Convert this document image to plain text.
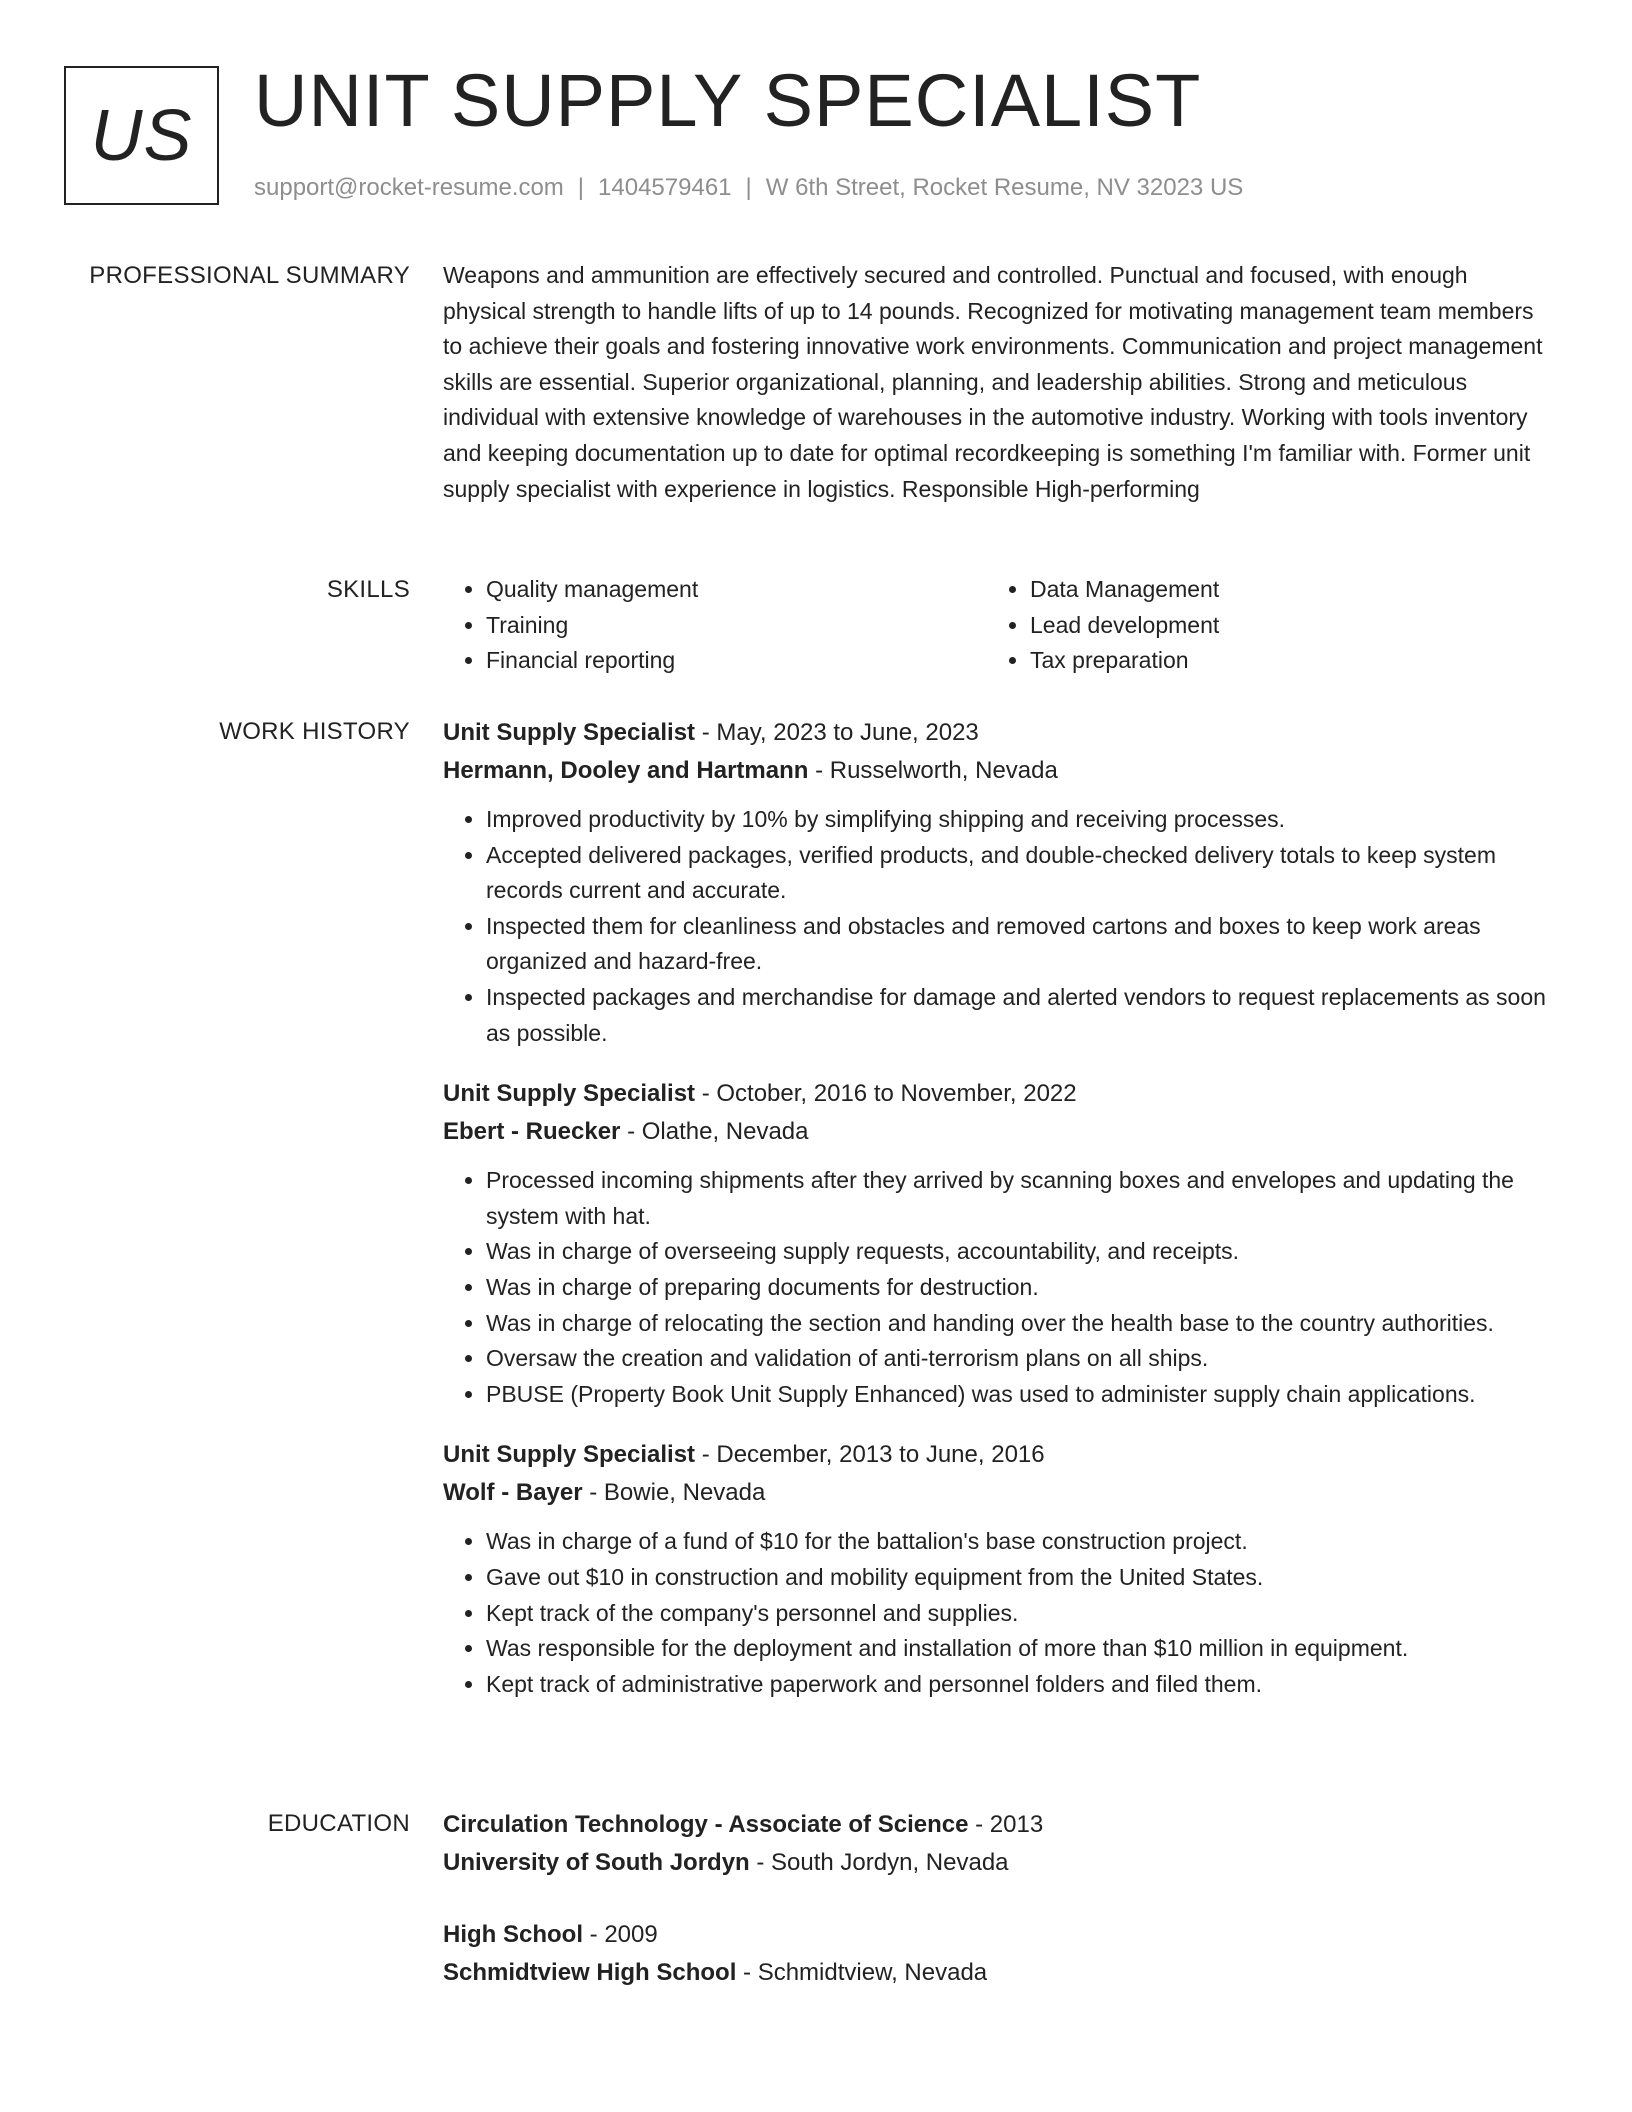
US UNIT SUPPLY SPECIALIST
support@rocket-resume.com | 1404579461 | W 6th Street, Rocket Resume, NV 32023 US
PROFESSIONAL SUMMARY Weapons and ammunition are effectively secured and controlled. Punctual and focused, with enough physical strength to handle lifts of up to 14 pounds. Recognized for motivating management team members to achieve their goals and fostering innovative work environments. Communication and project management skills are essential. Superior organizational, planning, and leadership abilities. Strong and meticulous individual with extensive knowledge of warehouses in the automotive industry. Working with tools inventory and keeping documentation up to date for optimal recordkeeping is something I'm familiar with. Former unit supply specialist with experience in logistics. Responsible High-performing

SKILLS
•	Quality management
• Training
• Financial reporting
• Data Management
• Lead development
• Tax preparation
WORK HISTORY Unit Supply Specialist - May, 2023 to June, 2023
Hermann, Dooley and Hartmann - Russelworth, Nevada
• Improved productivity by 10% by simplifying shipping and receiving processes.
• Accepted delivered packages, verified products, and double-checked delivery totals to keep system records current and accurate.
• Inspected them for cleanliness and obstacles and removed cartons and boxes to keep work areas organized and hazard-free.
• Inspected packages and merchandise for damage and alerted vendors to request replacements as soon as possible.
Unit Supply Specialist - October, 2016 to November, 2022
Ebert - Ruecker - Olathe, Nevada
• Processed incoming shipments after they arrived by scanning boxes and envelopes and updating the system with hat.
• Was in charge of overseeing supply requests, accountability, and receipts.
• Was in charge of preparing documents for destruction.
• Was in charge of relocating the section and handing over the health base to the country authorities.
• Oversaw the creation and validation of anti-terrorism plans on all ships.
• PBUSE (Property Book Unit Supply Enhanced) was used to administer supply chain applications.
Unit Supply Specialist - December, 2013 to June, 2016
Wolf - Bayer - Bowie, Nevada
• Was in charge of a fund of $10 for the battalion's base construction project.
• Gave out $10 in construction and mobility equipment from the United States.
• Kept track of the company's personnel and supplies.
• Was responsible for the deployment and installation of more than $10 million in equipment.
• Kept track of administrative paperwork and personnel folders and filed them.
EDUCATION Circulation Technology - Associate of Science - 2013
University of South Jordyn - South Jordyn, Nevada
High School - 2009
Schmidtview High School - Schmidtview, Nevada
